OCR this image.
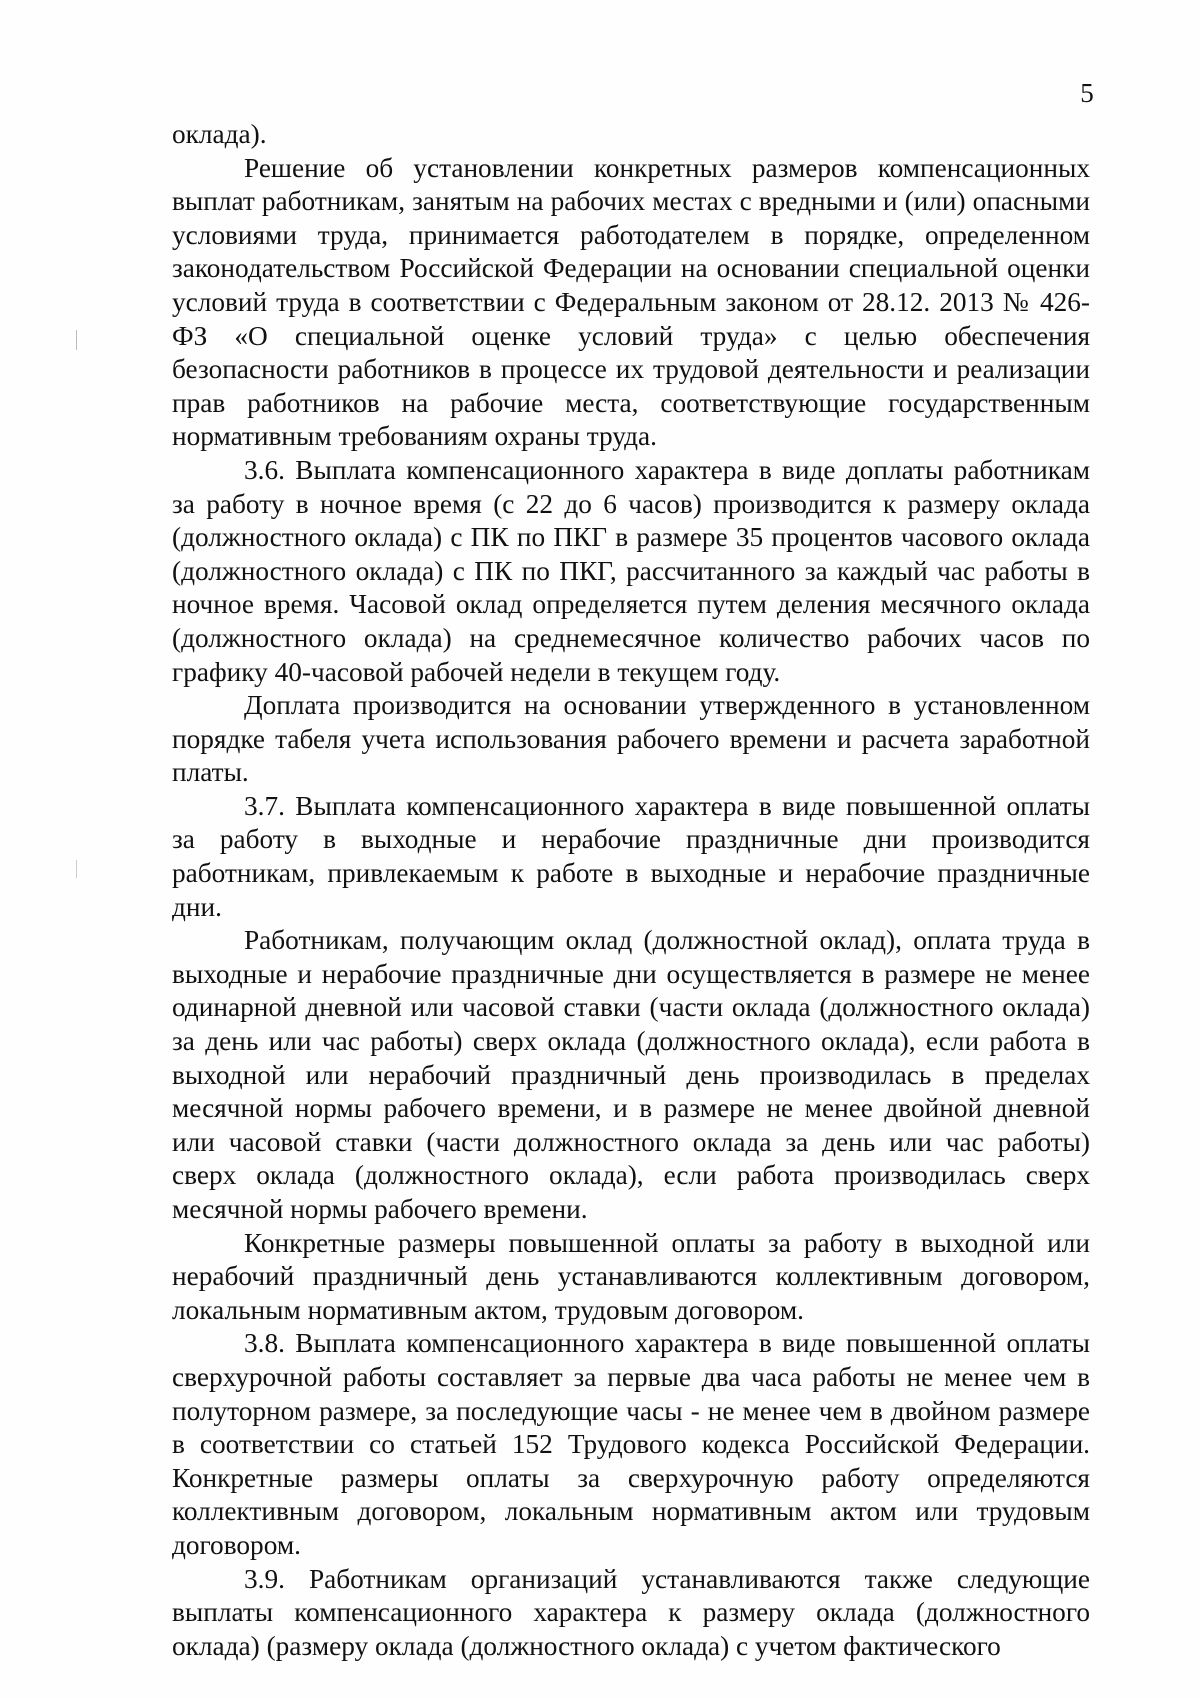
5

оклада).

Решение об установлении конкретных размеров компенсационных выплат работникам, занятым на рабочих местах с вредными и (или) опасными условиями труда, принимается работодателем в порядке, определенном законодательством Российской Федерации на основании специальной оценки условий труда в соответствии с Федеральным законом от 28.12. 2013 № 426-ФЗ «О специальной оценке условий труда» с целью обеспечения безопасности работников в процессе их трудовой деятельности и реализации прав работников на рабочие места, соответствующие государственным нормативным требованиям охраны труда.

3.6. Выплата компенсационного характера в виде доплаты работникам за работу в ночное время (с 22 до 6 часов) производится к размеру оклада (должностного оклада) с ПК по ПКГ в размере 35 процентов часового оклада (должностного оклада) с ПК по ПКГ, рассчитанного за каждый час работы в ночное время. Часовой оклад определяется путем деления месячного оклада (должностного оклада) на среднемесячное количество рабочих часов по графику 40-часовой рабочей недели в текущем году.

Доплата производится на основании утвержденного в установленном порядке табеля учета использования рабочего времени и расчета заработной платы.

3.7. Выплата компенсационного характера в виде повышенной оплаты за работу в выходные и нерабочие праздничные дни производится работникам, привлекаемым к работе в выходные и нерабочие праздничные дни.

Работникам, получающим оклад (должностной оклад), оплата труда в выходные и нерабочие праздничные дни осуществляется в размере не менее одинарной дневной или часовой ставки (части оклада (должностного оклада) за день или час работы) сверх оклада (должностного оклада), если работа в выходной или нерабочий праздничный день производилась в пределах месячной нормы рабочего времени, и в размере не менее двойной дневной или часовой ставки (части должностного оклада за день или час работы) сверх оклада (должностного оклада), если работа производилась сверх месячной нормы рабочего времени.

Конкретные размеры повышенной оплаты за работу в выходной или нерабочий праздничный день устанавливаются коллективным договором, локальным нормативным актом, трудовым договором.

3.8. Выплата компенсационного характера в виде повышенной оплаты сверхурочной работы составляет за первые два часа работы не менее чем в полуторном размере, за последующие часы - не менее чем в двойном размере в соответствии со статьей 152 Трудового кодекса Российской Федерации. Конкретные размеры оплаты за сверхурочную работу определяются коллективным договором, локальным нормативным актом или трудовым договором.

3.9. Работникам организаций устанавливаются также следующие выплаты компенсационного характера к размеру оклада (должностного оклада) (размеру оклада (должностного оклада) с учетом фактического
